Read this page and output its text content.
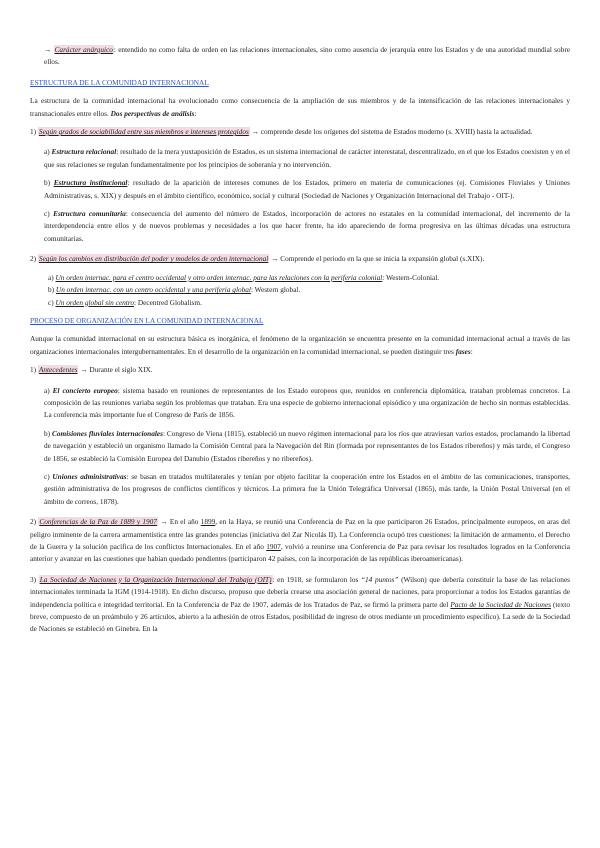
→ Carácter anárquico: entendido no como falta de orden en las relaciones internacionales, sino como ausencia de jerarquía entre los Estados y de una autoridad mundial sobre ellos.

ESTRUCTURA DE LA COMUNIDAD INTERNACIONAL

La estructura de la comunidad internacional ha evolucionado como consecuencia de la ampliación de sus miembros y de la intensificación de las relaciones internacionales y transnacionales entre ellos. Dos perspectivas de análisis:

1) Según grados de sociabilidad entre sus miembros e intereses protegidos → comprende desde los orígenes del sistema de Estados moderno (s. XVIII) hasta la actualidad.

a) Estructura relacional: resultado de la mera yuxtaposición de Estados, es un sistema internacional de carácter interestatal, descentralizado, en el que los Estados coexisten y en el que sus relaciones se regulan fundamentalmente por los principios de soberanía y no intervención.

b) Estructura institucional: resultado de la aparición de intereses comunes de los Estados, primero en materia de comunicaciones (ej. Comisiones Fluviales y Uniones Administrativas, s. XIX) y después en el ámbito científico, económico, social y cultural (Sociedad de Naciones y Organización Internacional del Trabajo - OIT-).

c) Estructura comunitaria: consecuencia del aumento del número de Estados, incorporación de actores no estatales en la comunidad internacional, del incremento de la interdependencia entre ellos y de nuevos problemas y necesidades a los que hacer frente, ha ido apareciendo de forma progresiva en las últimas décadas una estructura comunitarias.

2) Según los cambios en distribución del poder y modelos de orden internacional → Comprende el periodo en la que se inicia la expansión global (s.XIX).

a) Un orden internac. para el centro occidental y otro orden internac. para las relaciones con la periferia colonial: Western-Colonial.

b) Un orden internac. con un centro occidental y una periferia global: Western global.

c) Un orden global sin centro: Decentred Globalism.

PROCESO DE ORGANIZACIÓN EN LA COMUNIDAD INTERNACIONAL

Aunque la comunidad internacional en su estructura básica es inorgánica, el fenómeno de la organización se encuentra presente en la comunidad internacional actual a través de las organizaciones internacionales intergubernamentales. En el desarrollo de la organización en la comunidad internacional, se pueden distinguir tres fases:

1) Antecedentes → Durante el siglo XIX.

a) El concierto europeo: sistema basado en reuniones de representantes de los Estado europeos que, reunidos en conferencia diplomática, trataban problemas concretos. La composición de las reuniones variaba según los problemas que trataban. Era una especie de gobierno internacional episódico y una organización de hecho sin normas establecidas. La conferencia más importante fue el Congreso de París de 1856.

b) Comisiones fluviales internacionales: Congreso de Viena (1815), estableció un nuevo régimen internacional para los ríos que atraviesan varios estados, proclamando la libertad de navegación y estableció un organismo llamado la Comisión Central para la Navegación del Rin (formada por representantes de los Estados ribereños) y más tarde, el Congreso de 1856, se estableció la Comisión Europea del Danubio (Estados ribereños y no ribereños).

c) Uniones administrativas: se basan en tratados multilaterales y tenían por objeto facilitar la cooperación entre los Estados en el ámbito de las comunicaciones, transportes, gestión administrativa de los progresos de conflictos científicos y técnicos. La primera fue la Unión Telegráfica Universal (1865), más tarde, la Unión Postal Universal (en el ámbito de correos, 1878).

2) Conferencias de la Paz de 1889 y 1907 → En el año 1899, en la Haya, se reunió una Conferencia de Paz en la que participaron 26 Estados, principalmente europeos, en aras del peligro inminente de la carrera armamentística entre las grandes potencias (iniciativa del Zar Nicolás II). La Conferencia ocupó tres cuestiones: la limitación de armamento, el Derecho de la Guerra y la solución pacífica de los conflictos Internacionales. En el año 1907, volvió a reunirse una Conferencia de Paz para revisar los resultados logrados en la Conferencia anterior y avanzar en las cuestiones que habían quedado pendientes (participaron 42 países, con la incorporación de las repúblicas iberoamericanas).

3) La Sociedad de Naciones y la Organización Internacional del Trabajo (OIT): en 1918, se formularon los “14 puntos” (Wilson) que debería constituir la base de las relaciones internacionales terminada la IGM (1914-1918). En dicho discurso, propuso que debería crearse una asociación general de naciones, para proporcionar a todos los Estados garantías de independencia política e integridad territorial. En la Conferencia de Paz de 1907, además de los Tratados de Paz, se firmó la primera parte del Pacto de la Sociedad de Naciones (texto breve, compuesto de un preámbulo y 26 artículos, abierto a la adhesión de otros Estados, posibilidad de ingreso de otros mediante un procedimiento específico). La sede de la Sociedad de Naciones se estableció en Ginebra. En la
